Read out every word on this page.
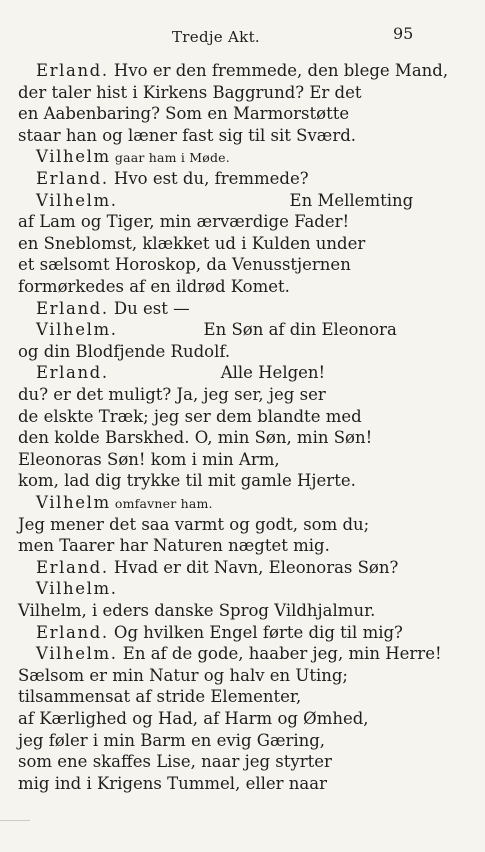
Tredje Akt.	95
Erland. Hvo er den fremmede, den blege Mand,
der taler hist i Kirkens Baggrund? Er det
en Aabenbaring? Som en Marmorstøtte
staar han og læner fast sig til sit Sværd.
Vilhelm gaar ham i Møde.
Erland. Hvo est du, fremmede?
Vilhelm.	En Mellemting
af Lam og Tiger, min ærværdige Fader!
en Sneblomst, klækket ud i Kulden under
et sælsomt Horoskop, da Venusstjernen
formørkedes af en ildrød Komet.
Erland. Du est —
Vilhelm.	En Søn af din Eleonora
og din Blodfjende Rudolf.
Erland.	Alle Helgen!
du? er det muligt? Ja, jeg ser, jeg ser
de elskte Træk; jeg ser dem blandte med
den kolde Barskhed. O, min Søn, min Søn!
Eleonoras Søn! kom i min Arm,
kom, lad dig trykke til mit gamle Hjerte.
Vilhelm omfavner ham.
Jeg mener det saa varmt og godt, som du;
men Taarer har Naturen nægtet mig.
Erland. Hvad er dit Navn, Eleonoras Søn?
Vilhelm.
Vilhelm, i eders danske Sprog Vildhjalmur.
Erland. Og hvilken Engel førte dig til mig?
Vilhelm. En af de gode, haaber jeg, min Herre!
Sælsom er min Natur og halv en Uting;
tilsammensat af stride Elementer,
af Kærlighed og Had, af Harm og Ømhed,
jeg føler i min Barm en evig Gæring,
som ene skaffes Lise, naar jeg styrter
mig ind i Krigens Tummel, eller naar
